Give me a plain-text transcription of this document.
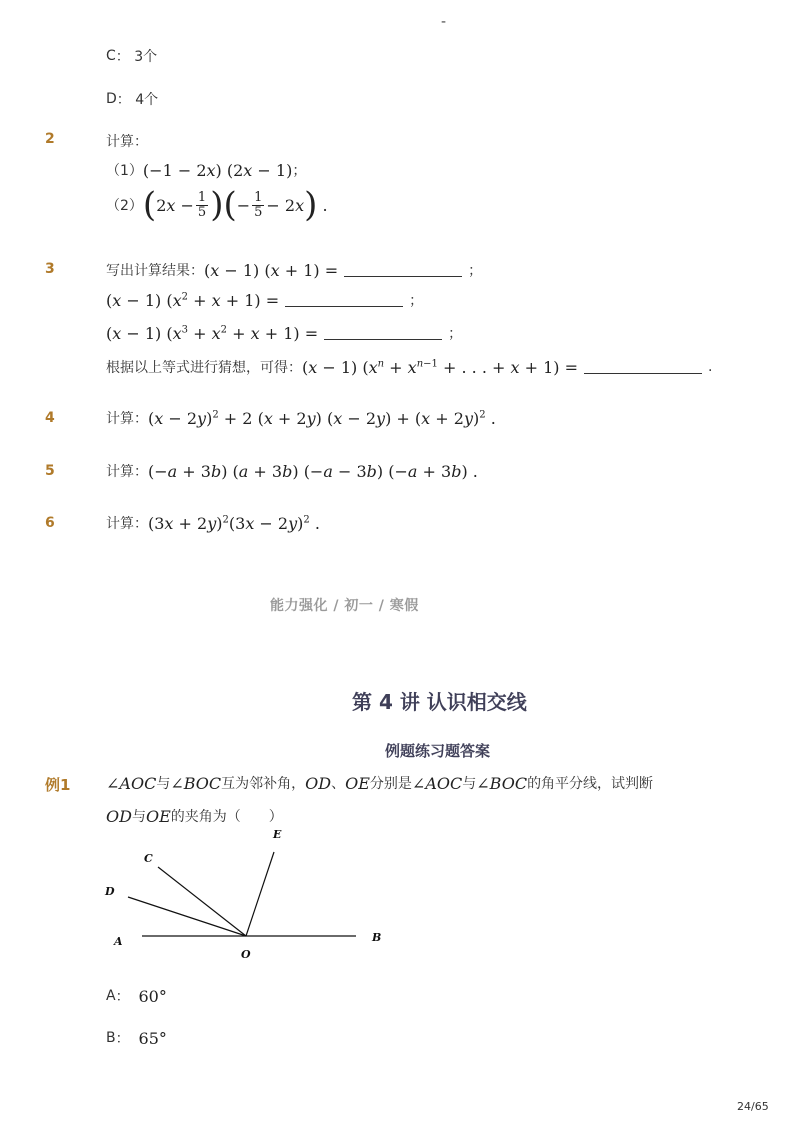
-
C ： 3个
D ： 4个
2	计算：
（1） (−1 − 2x) (2x − 1) ；
（2） ( $2x - \frac{1}{5}$ ) ( − $\frac{1}{5} - 2x$ ) .
3	写出计算结果： (x − 1) (x + 1) =	；
(x − 1) $(x^2 + x + 1)$ =	；
(x − 1) $(x^3 + x^2 + x + 1)$ =	；
根据以上等式进行猜想，可得： (x − 1) ($x^n + x^{n-1}$ + . . . + x + 1) =	.
4	计算： $(x - 2y)^2 + 2$ (x + 2y) $(x - 2y) + (x + 2y)^2$ .
5	计算： (−a + 3b) (a + 3b) (−a − 3b) (−a + 3b) .
6	计算： $(3x + 2y)^2(3x - 2y)^2$ .
能力强化 / 初一 / 寒假
第 4 讲 认识相交线
例题练习题答案
例1 ∠AOC 与 ∠BOC 互为邻补角， OD 、 OE 分别是 ∠AOC 与 ∠BOC 的角平分线，试判断
OD 与 OE 的夹角为（　　）
A	B
C
D
E
O
A ： 60°
B ： 65°
24/65
